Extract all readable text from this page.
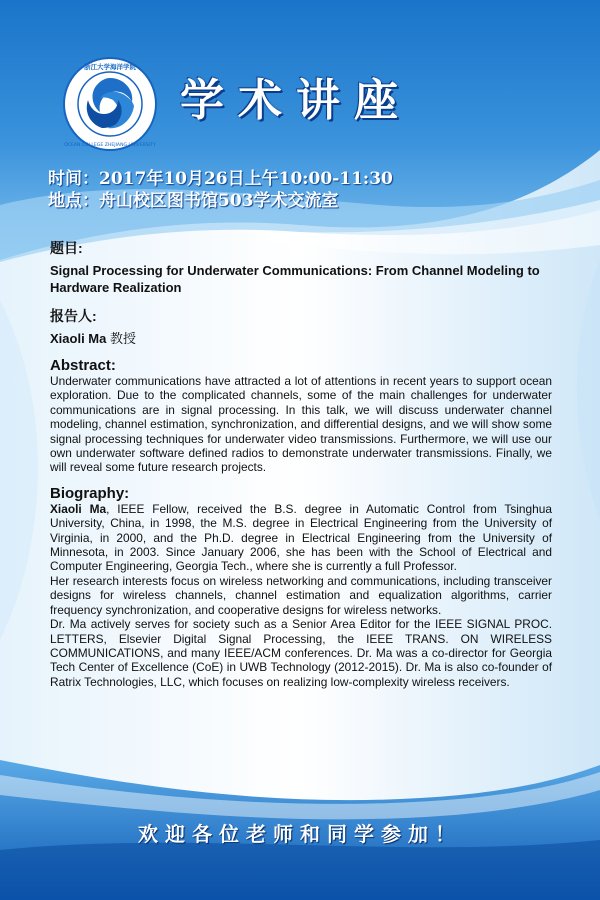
浙江大学海洋学院
OCEAN COLLEGE ZHEJIANG UNIVERSITY
学术讲座
时间：2017年10月26日上午10:00-11:30
地点：舟山校区图书馆503学术交流室

题目:

Signal Processing for Underwater Communications: From Channel Modeling to Hardware Realization

报告人:

Xiaoli Ma 教授

Abstract:

Underwater communications have attracted a lot of attentions in recent years to support ocean exploration. Due to the complicated channels, some of the main challenges for underwater communications are in signal processing. In this talk, we will discuss underwater channel modeling, channel estimation, synchronization, and differential designs, and we will show some signal processing techniques for underwater video transmissions. Furthermore, we will use our own underwater software defined radios to demonstrate underwater transmissions. Finally, we will reveal some future research projects.

Biography:

Xiaoli Ma, IEEE Fellow, received the B.S. degree in Automatic Control from Tsinghua University, China, in 1998, the M.S. degree in Electrical Engineering from the University of Virginia, in 2000, and the Ph.D. degree in Electrical Engineering from the University of Minnesota, in 2003. Since January 2006, she has been with the School of Electrical and Computer Engineering, Georgia Tech., where she is currently a full Professor.

Her research interests focus on wireless networking and communications, including transceiver designs for wireless channels, channel estimation and equalization algorithms, carrier frequency synchronization, and cooperative designs for wireless networks.

Dr. Ma actively serves for society such as a Senior Area Editor for the IEEE SIGNAL PROC. LETTERS, Elsevier Digital Signal Processing, the IEEE TRANS. ON WIRELESS COMMUNICATIONS, and many IEEE/ACM conferences. Dr. Ma was a co-director for Georgia Tech Center of Excellence (CoE) in UWB Technology (2012-2015). Dr. Ma is also co-founder of Ratrix Technologies, LLC, which focuses on realizing low-complexity wireless receivers.

欢迎各位老师和同学参加！
